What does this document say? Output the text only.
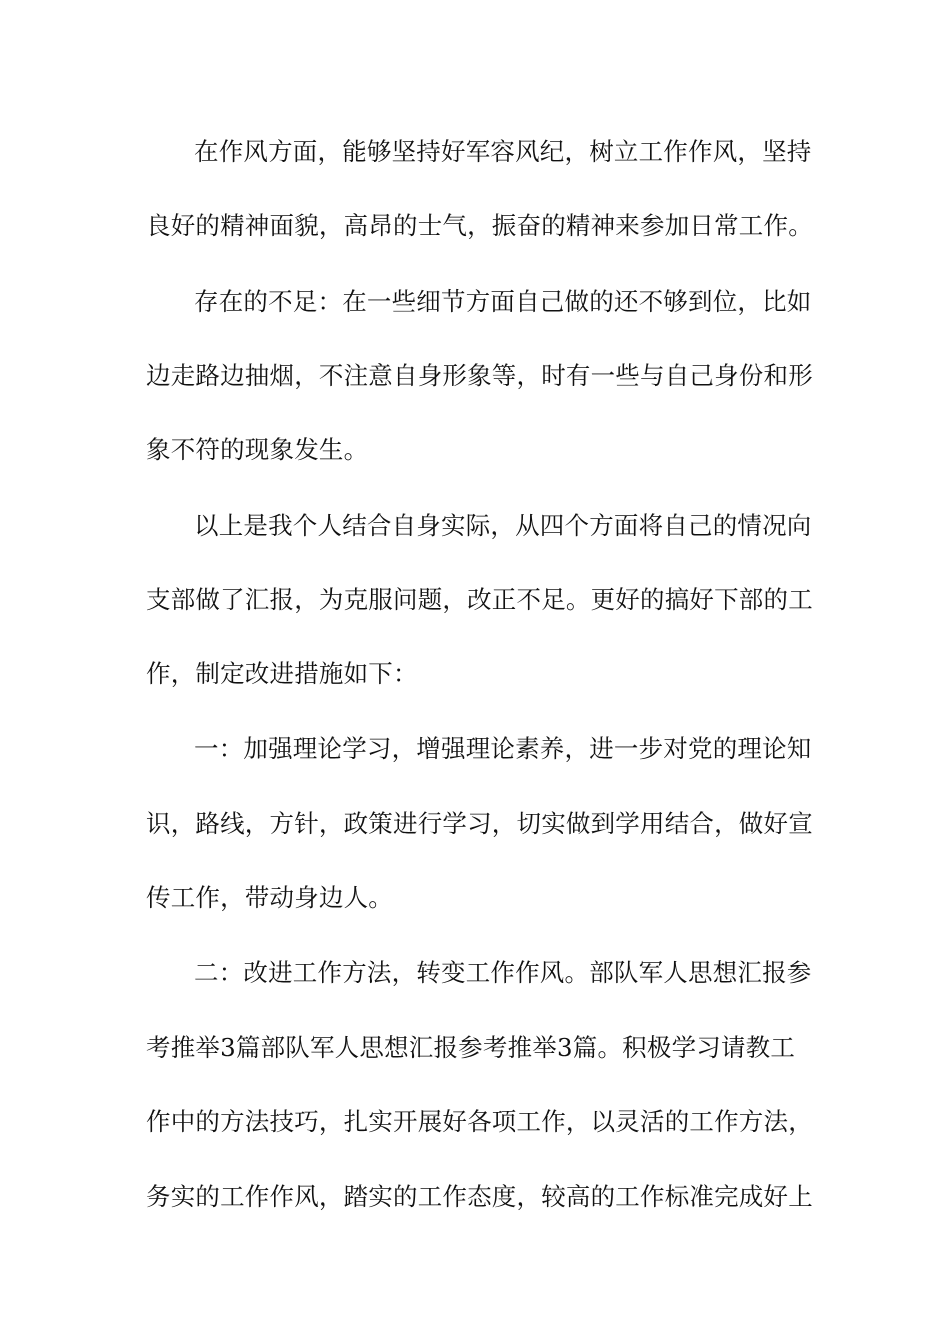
在作风方面，能够坚持好军容风纪，树立工作作风，坚持
良好的精神面貌，高昂的士气，振奋的精神来参加日常工作。
存在的不足：在一些细节方面自己做的还不够到位，比如
边走路边抽烟，不注意自身形象等，时有一些与自己身份和形
象不符的现象发生。
以上是我个人结合自身实际，从四个方面将自己的情况向
支部做了汇报，为克服问题，改正不足。更好的搞好下部的工
作，制定改进措施如下：
一：加强理论学习，增强理论素养，进一步对党的理论知
识，路线，方针，政策进行学习，切实做到学用结合，做好宣
传工作，带动身边人。
二：改进工作方法，转变工作作风。部队军人思想汇报参
考推举3篇部队军人思想汇报参考推举3篇。积极学习请教工
作中的方法技巧，扎实开展好各项工作，以灵活的工作方法，
务实的工作作风，踏实的工作态度，较高的工作标准完成好上
